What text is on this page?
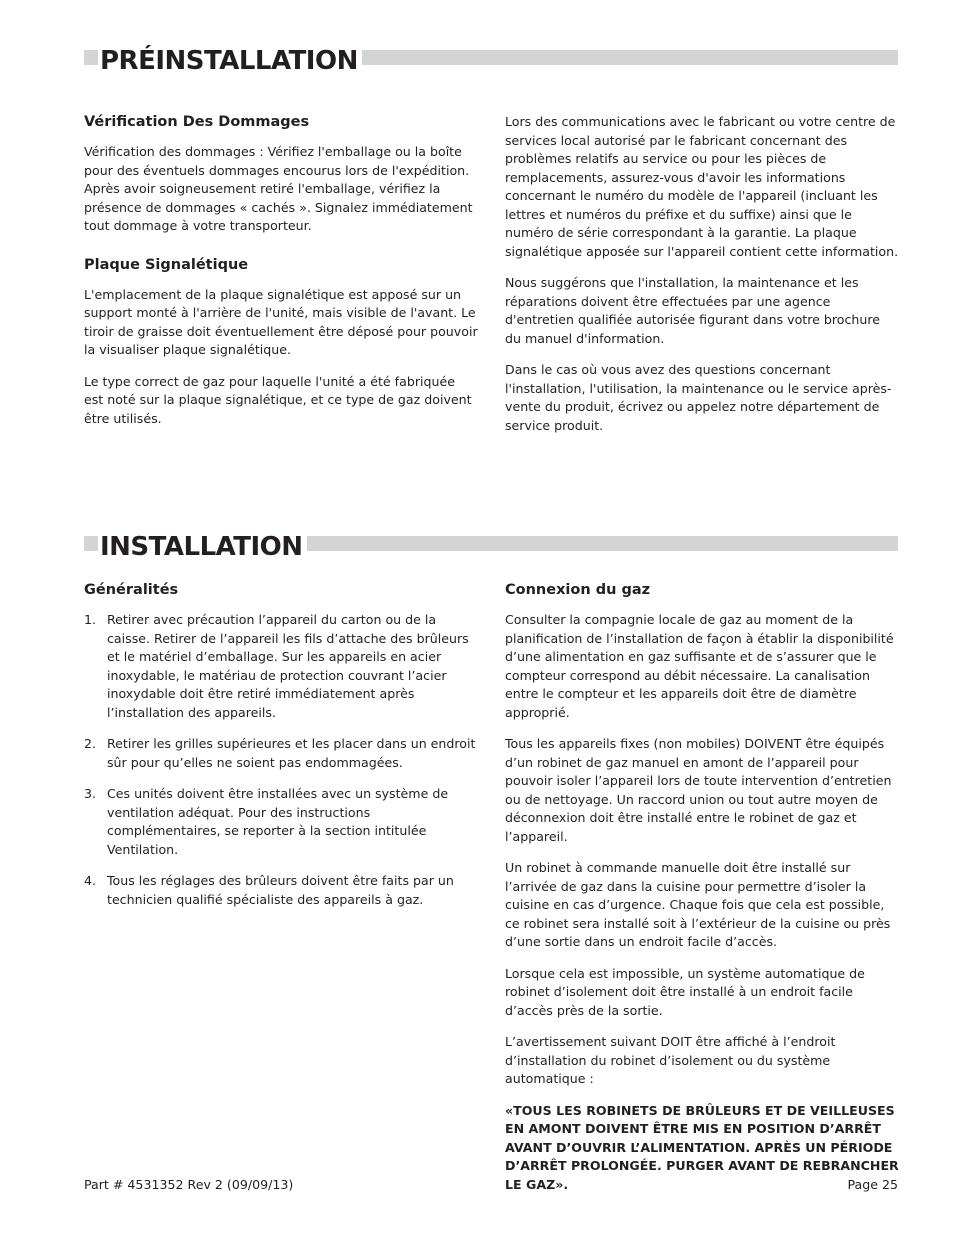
PRÉINSTALLATION
Vérification Des Dommages

Vérification des dommages : Vérifiez l'emballage ou la boîte pour des éventuels dommages encourus lors de l'expédition. Après avoir soigneusement retiré l'emballage, vérifiez la présence de dommages « cachés ». Signalez immédiatement tout dommage à votre transporteur.

Plaque Signalétique

L'emplacement de la plaque signalétique est apposé sur un support monté à l'arrière de l'unité, mais visible de l'avant. Le tiroir de graisse doit éventuellement être déposé pour pouvoir la visualiser plaque signalétique.

Le type correct de gaz pour laquelle l'unité a été fabriquée est noté sur la plaque signalétique, et ce type de gaz doivent être utilisés.

Lors des communications avec le fabricant ou votre centre de services local autorisé par le fabricant concernant des problèmes relatifs au service ou pour les pièces de remplacements, assurez-vous d'avoir les informations concernant le numéro du modèle de l'appareil (incluant les lettres et numéros du préfixe et du suffixe) ainsi que le numéro de série correspondant à la garantie. La plaque signalétique apposée sur l'appareil contient cette information.

Nous suggérons que l'installation, la maintenance et les réparations doivent être effectuées par une agence d'entretien qualifiée autorisée figurant dans votre brochure du manuel d'information.

Dans le cas où vous avez des questions concernant l'installation, l'utilisation, la maintenance ou le service après-vente du produit, écrivez ou appelez notre département de service produit.

INSTALLATION
Généralités
1. Retirer avec précaution l’appareil du carton ou de la caisse. Retirer de l’appareil les fils d’attache des brûleurs et le matériel d’emballage. Sur les appareils en acier inoxydable, le matériau de protection couvrant l’acier inoxydable doit être retiré immédiatement après l’installation des appareils.
2. Retirer les grilles supérieures et les placer dans un endroit sûr pour qu’elles ne soient pas endommagées.
3. Ces unités doivent être installées avec un système de ventilation adéquat. Pour des instructions complémentaires, se reporter à la section intitulée Ventilation.
4. Tous les réglages des brûleurs doivent être faits par un technicien qualifié spécialiste des appareils à gaz.
Connexion du gaz

Consulter la compagnie locale de gaz au moment de la planification de l’installation de façon à établir la disponibilité d’une alimentation en gaz suffisante et de s’assurer que le compteur correspond au débit nécessaire. La canalisation entre le compteur et les appareils doit être de diamètre approprié.

Tous les appareils fixes (non mobiles) DOIVENT être équipés d’un robinet de gaz manuel en amont de l’appareil pour pouvoir isoler l’appareil lors de toute intervention d’entretien ou de nettoyage. Un raccord union ou tout autre moyen de déconnexion doit être installé entre le robinet de gaz et l’appareil.

Un robinet à commande manuelle doit être installé sur l’arrivée de gaz dans la cuisine pour permettre d’isoler la cuisine en cas d’urgence. Chaque fois que cela est possible, ce robinet sera installé soit à l’extérieur de la cuisine ou près d’une sortie dans un endroit facile d’accès.

Lorsque cela est impossible, un système automatique de robinet d’isolement doit être installé à un endroit facile d’accès près de la sortie.

L’avertissement suivant DOIT être affiché à l’endroit d’installation du robinet d’isolement ou du système automatique :

«TOUS LES ROBINETS DE BRÛLEURS ET DE VEILLEUSES EN AMONT DOIVENT ÊTRE MIS EN POSITION D’ARRÊT AVANT D’OUVRIR L’ALIMENTATION. APRÈS UN PÉRIODE D’ARRÊT PROLONGÉE. PURGER AVANT DE REBRANCHER LE GAZ».

Part # 4531352 Rev 2 (09/09/13)	Page 25
